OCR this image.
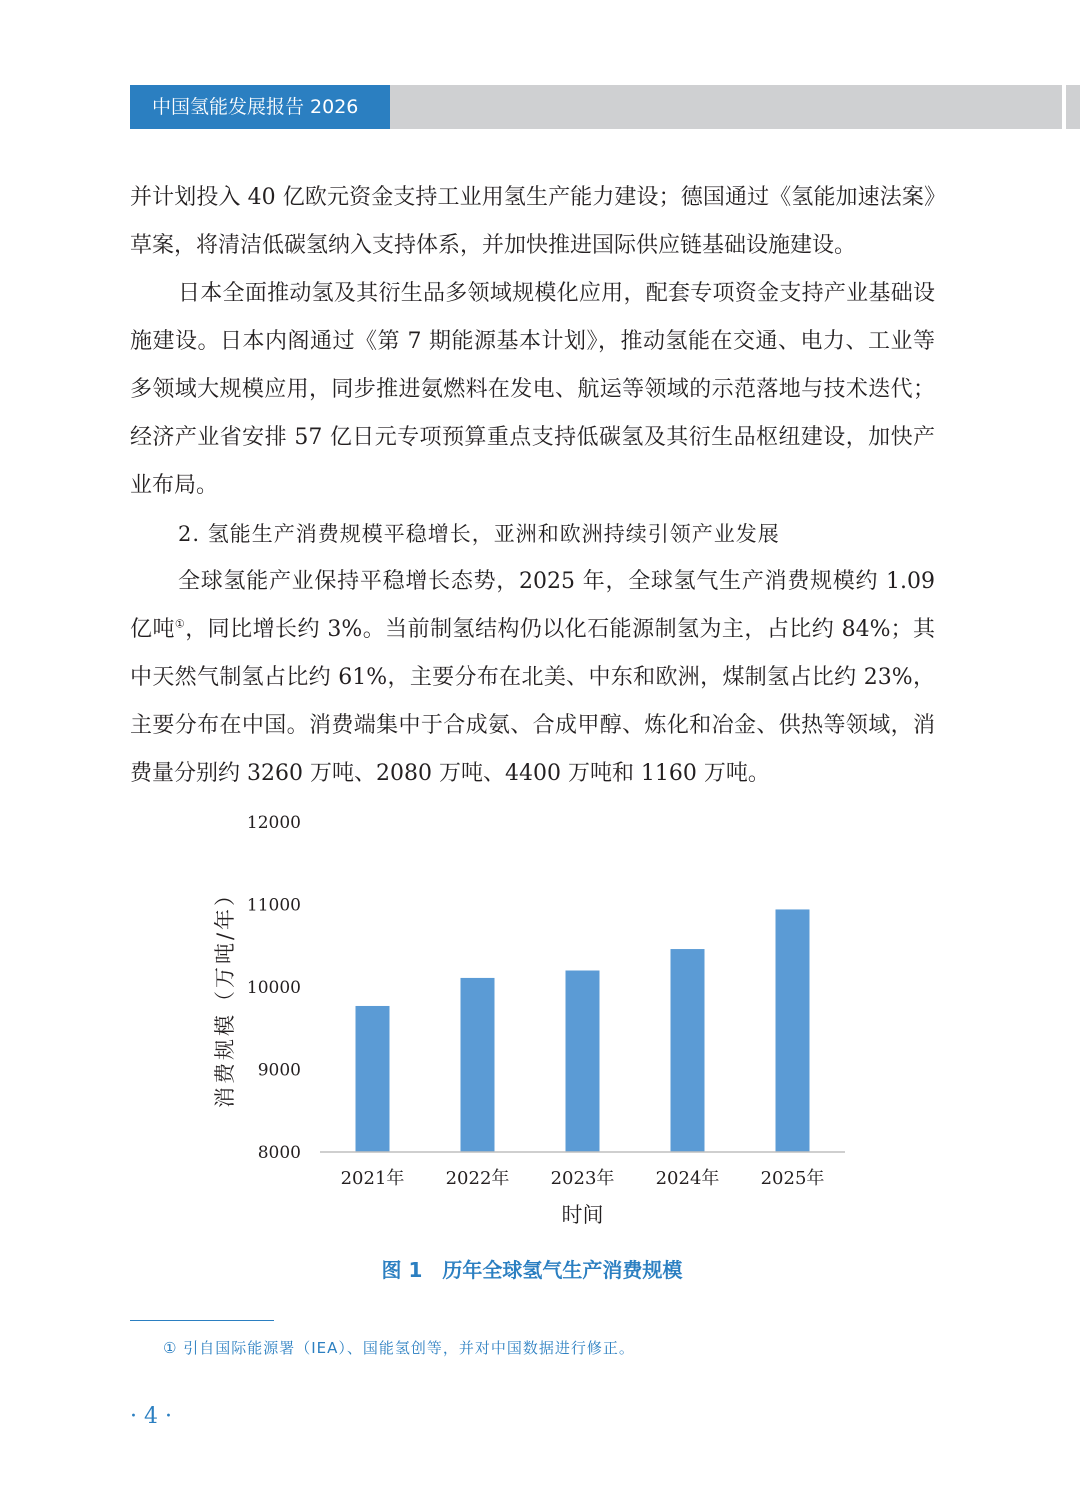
中国氢能发展报告 2026

并计划投入 40 亿欧元资金支持工业用氢生产能力建设；德国通过《氢能加速法案》草案，将清洁低碳氢纳入支持体系，并加快推进国际供应链基础设施建设。

日本全面推动氢及其衍生品多领域规模化应用，配套专项资金支持产业基础设施建设。日本内阁通过《第 7 期能源基本计划》，推动氢能在交通、电力、工业等多领域大规模应用，同步推进氨燃料在发电、航运等领域的示范落地与技术迭代；经济产业省安排 57 亿日元专项预算重点支持低碳氢及其衍生品枢纽建设，加快产业布局。

2. 氢能生产消费规模平稳增长，亚洲和欧洲持续引领产业发展

全球氢能产业保持平稳增长态势，2025 年，全球氢气生产消费规模约 1.09 亿吨①，同比增长约 3%。当前制氢结构仍以化石能源制氢为主，占比约 84%；其中天然气制氢占比约 61%，主要分布在北美、中东和欧洲，煤制氢占比约 23%，主要分布在中国。消费端集中于合成氨、合成甲醇、炼化和冶金、供热等领域，消费量分别约 3260 万吨、2080 万吨、4400 万吨和 1160 万吨。

8000
9000
10000
11000
12000
2021年 2022年 2023年 2024年 2025年
时间
消费规模（万吨/年）
图 1　历年全球氢气生产消费规模
① 引自国际能源署（IEA）、国能氢创等，并对中国数据进行修正。
· 4 ·
